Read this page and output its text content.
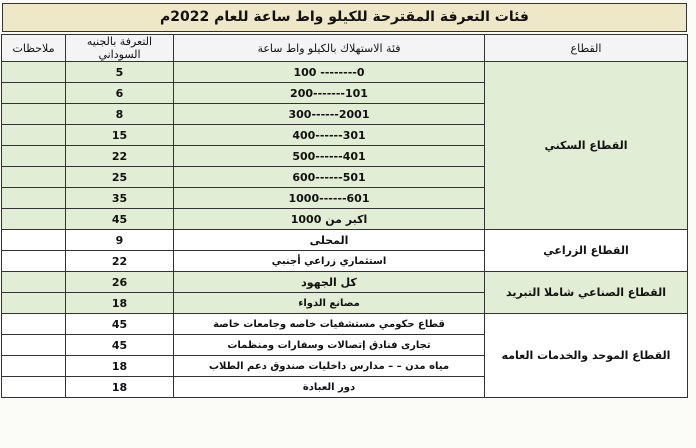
فئات التعرفة المقترحة للكيلو واط ساعة للعام 2022م
القطاع	فئة الاستهلاك بالكيلو واط ساعة	التعرفة بالجنيه السوداني	ملاحظات
القطاع السكني	0-------- 100	5	
	101-------200	6	
	2001------300	8	
	301------400	15	
	401------500	22	
	501------600	25	
	601------1000	35	
	اكبر من 1000	45	
القطاع الزراعي	المحلى	9	
	استثماري زراعي أجنبي	22	
القطاع الصناعي شاملا التبريد	كل الجهود	26	
	مصانع الدواء	18	
القطاع الموحد والخدمات العامه	قطاع حكومي مستشفيات خاصه وجامعات خاصة	45	
	تجارى فنادق إتصالات وسفارات ومنظمات	45	
	مياه مدن – – مدارس داخليات صندوق دعم الطلاب	18	
	دور العبادة	18	
